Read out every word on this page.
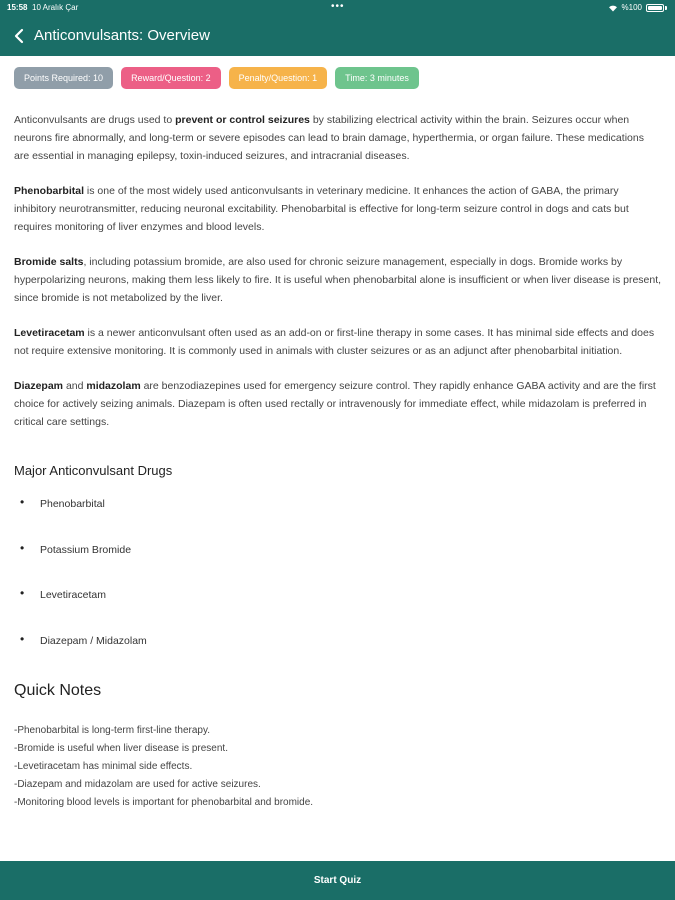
15:58 10 Aralık Çar	•••	%100
Anticonvulsants: Overview
Points Required: 10	Reward/Question: 2	Penalty/Question: 1	Time: 3 minutes

Anticonvulsants are drugs used to prevent or control seizures by stabilizing electrical activity within the brain. Seizures occur when neurons fire abnormally, and long-term or severe episodes can lead to brain damage, hyperthermia, or organ failure. These medications are essential in managing epilepsy, toxin-induced seizures, and intracranial diseases.

Phenobarbital is one of the most widely used anticonvulsants in veterinary medicine. It enhances the action of GABA, the primary inhibitory neurotransmitter, reducing neuronal excitability. Phenobarbital is effective for long-term seizure control in dogs and cats but requires monitoring of liver enzymes and blood levels.

Bromide salts, including potassium bromide, are also used for chronic seizure management, especially in dogs. Bromide works by hyperpolarizing neurons, making them less likely to fire. It is useful when phenobarbital alone is insufficient or when liver disease is present, since bromide is not metabolized by the liver.

Levetiracetam is a newer anticonvulsant often used as an add-on or first-line therapy in some cases. It has minimal side effects and does not require extensive monitoring. It is commonly used in animals with cluster seizures or as an adjunct after phenobarbital initiation.

Diazepam and midazolam are benzodiazepines used for emergency seizure control. They rapidly enhance GABA activity and are the first choice for actively seizing animals. Diazepam is often used rectally or intravenously for immediate effect, while midazolam is preferred in critical care settings.

Major Anticonvulsant Drugs
•	Phenobarbital
•	Potassium Bromide
•	Levetiracetam
•	Diazepam / Midazolam
Quick Notes
-Phenobarbital is long-term first-line therapy.
-Bromide is useful when liver disease is present.
-Levetiracetam has minimal side effects.
-Diazepam and midazolam are used for active seizures.
-Monitoring blood levels is important for phenobarbital and bromide.
Start Quiz
